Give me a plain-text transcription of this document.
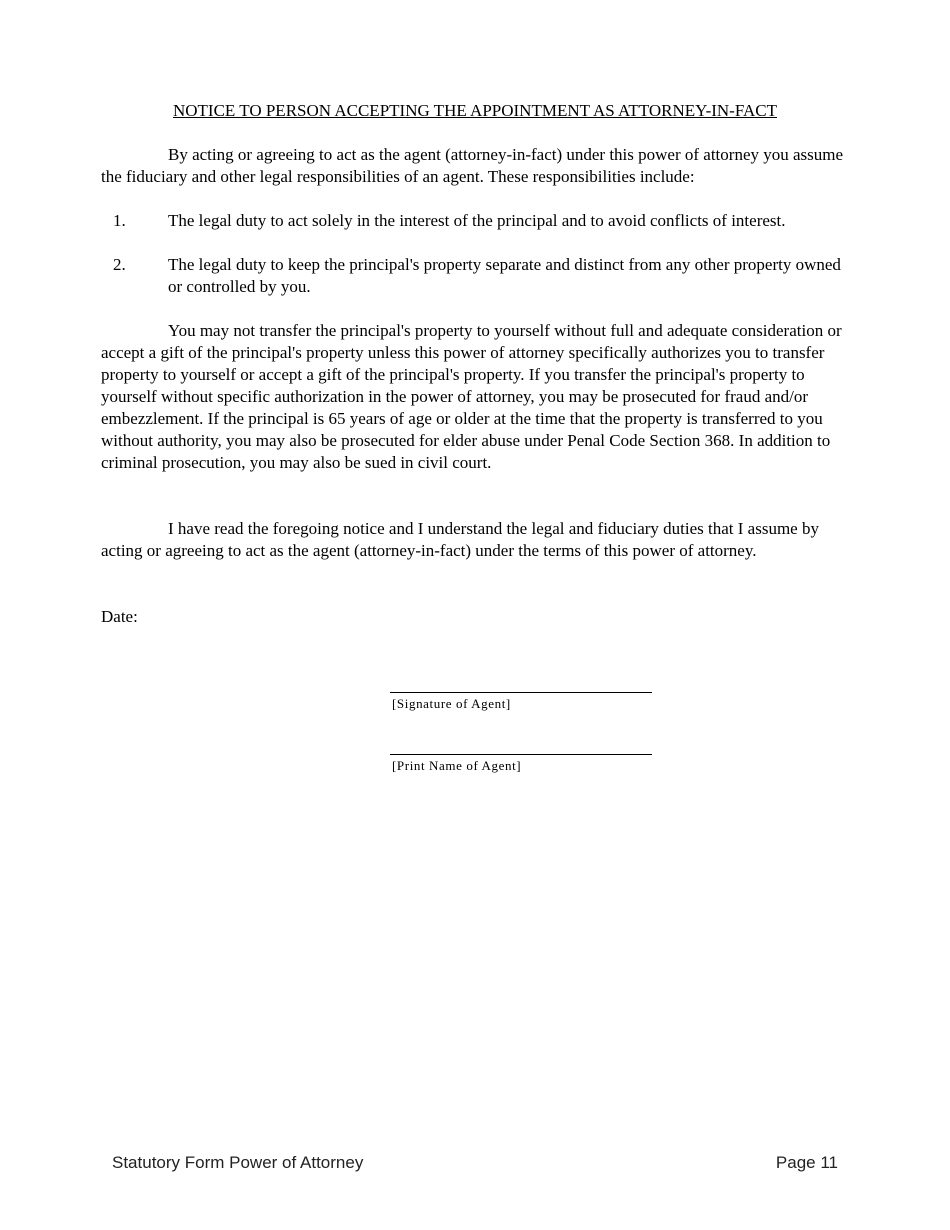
NOTICE TO PERSON ACCEPTING THE APPOINTMENT AS ATTORNEY-IN-FACT

By acting or agreeing to act as the agent (attorney-in-fact) under this power of attorney you assume the fiduciary and other legal responsibilities of an agent. These responsibilities include:

1. The legal duty to act solely in the interest of the principal and to avoid conflicts of interest.
2. The legal duty to keep the principal's property separate and distinct from any other property owned or controlled by you.

You may not transfer the principal's property to yourself without full and adequate consideration or accept a gift of the principal's property unless this power of attorney specifically authorizes you to transfer property to yourself or accept a gift of the principal's property. If you transfer the principal's property to yourself without specific authorization in the power of attorney, you may be prosecuted for fraud and/or embezzlement. If the principal is 65 years of age or older at the time that the property is transferred to you without authority, you may also be prosecuted for elder abuse under Penal Code Section 368. In addition to criminal prosecution, you may also be sued in civil court.

I have read the foregoing notice and I understand the legal and fiduciary duties that I assume by acting or agreeing to act as the agent (attorney-in-fact) under the terms of this power of attorney.

Date:
[Signature of Agent]
[Print Name of Agent]
Statutory Form Power of Attorney	Page 11
